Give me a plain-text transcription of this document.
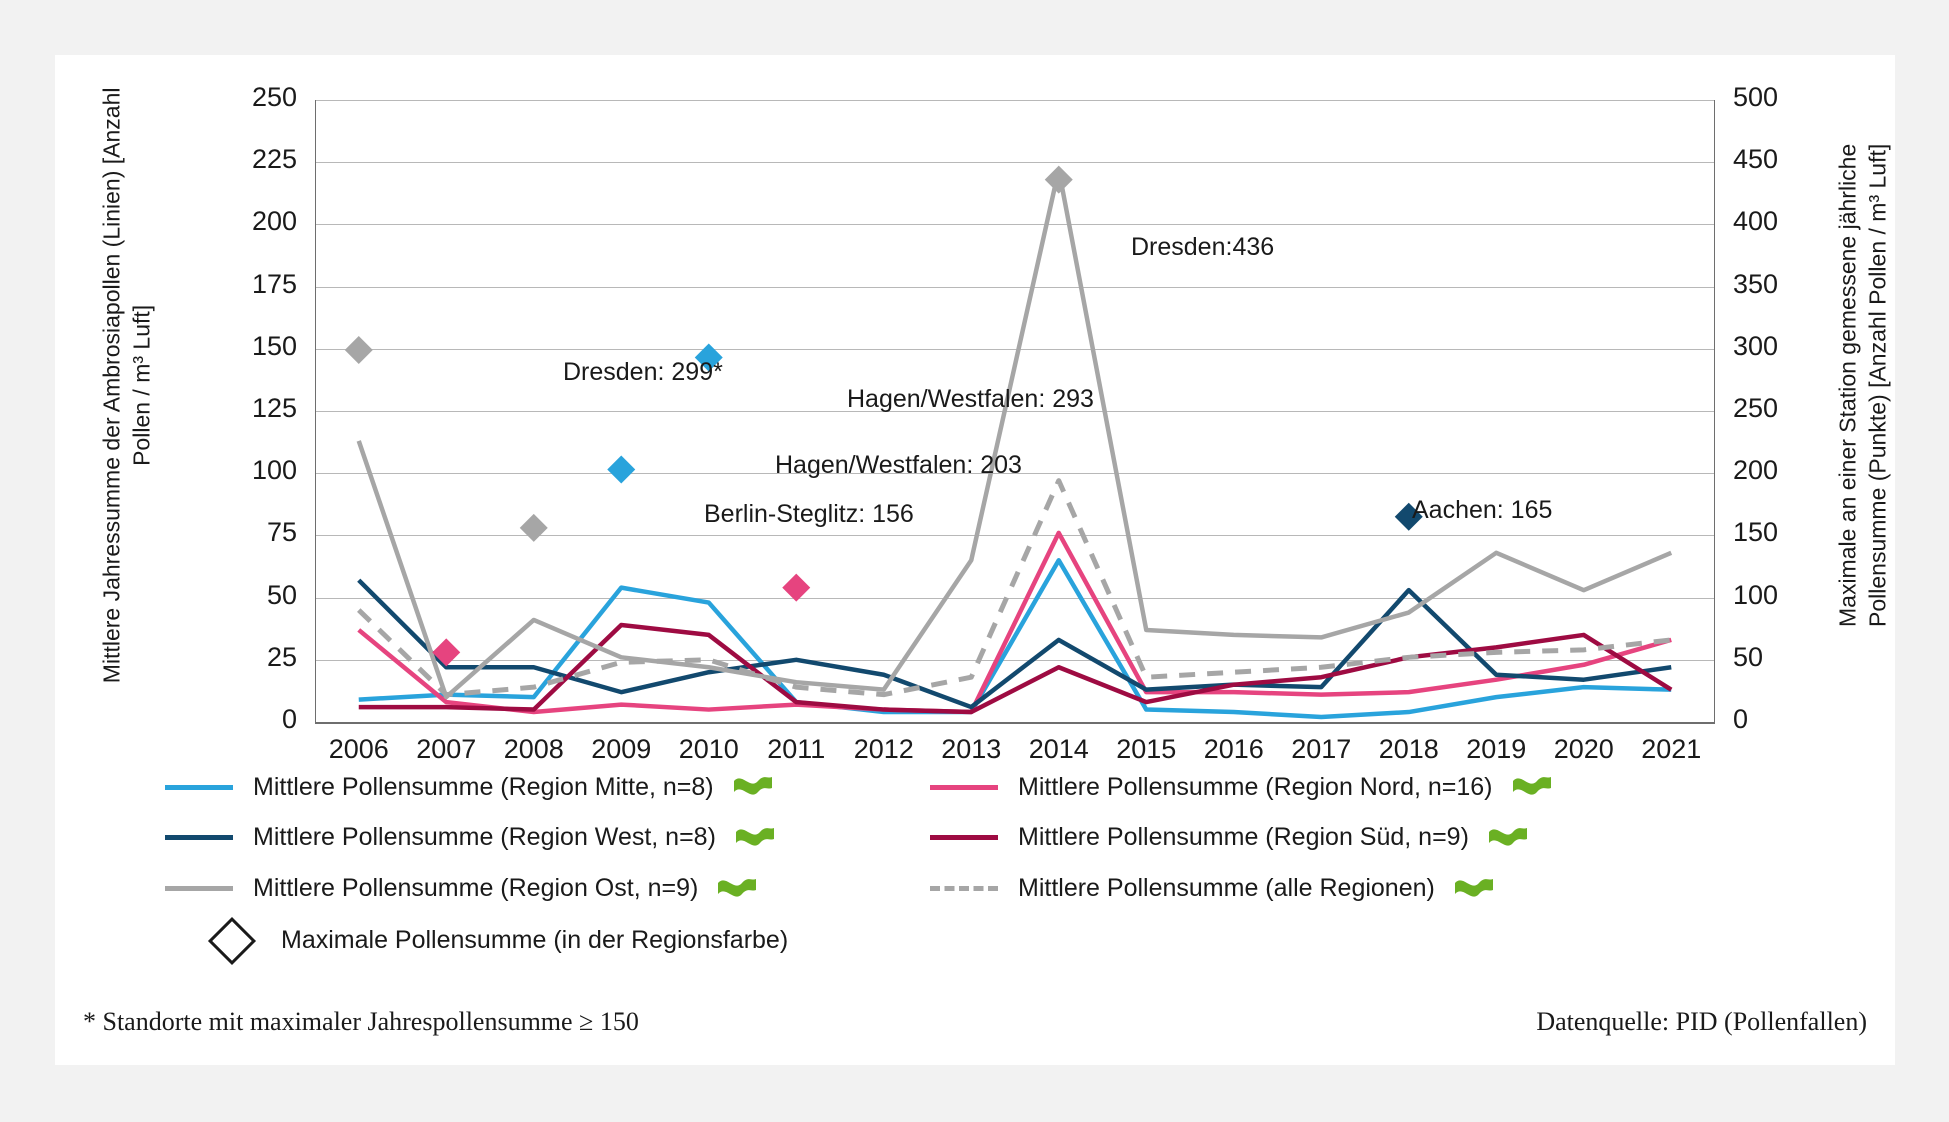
Mittlere Jahressumme der Ambrosiapollen (Linien) [Anzahl Pollen / m³ Luft]	Maximale an einer Station gemessene jährliche Pollensumme (Punkte) [Anzahl Pollen / m³ Luft]
0
25
50
75
100
125
150
175
200
225
250
0
50
100
150
200
250
300
350
400
450
500
2006	2007	2008	2009	2010	2011	2012	2013	2014	2015	2016	2017	2018	2019	2020	2021
Dresden: 299*
Hagen/Westfalen: 293
Hagen/Westfalen: 203
Berlin-Steglitz: 156
Dresden:436
Aachen: 165
Mittlere Pollensumme (Region Mitte, n=8)	Mittlere Pollensumme (Region Nord, n=16)
Mittlere Pollensumme (Region West, n=8)	Mittlere Pollensumme (Region Süd, n=9)
Mittlere Pollensumme (Region Ost, n=9)	Mittlere Pollensumme (alle Regionen)
Maximale Pollensumme (in der Regionsfarbe)
* Standorte mit maximaler Jahrespollensumme ≥ 150	Datenquelle: PID (Pollenfallen)
